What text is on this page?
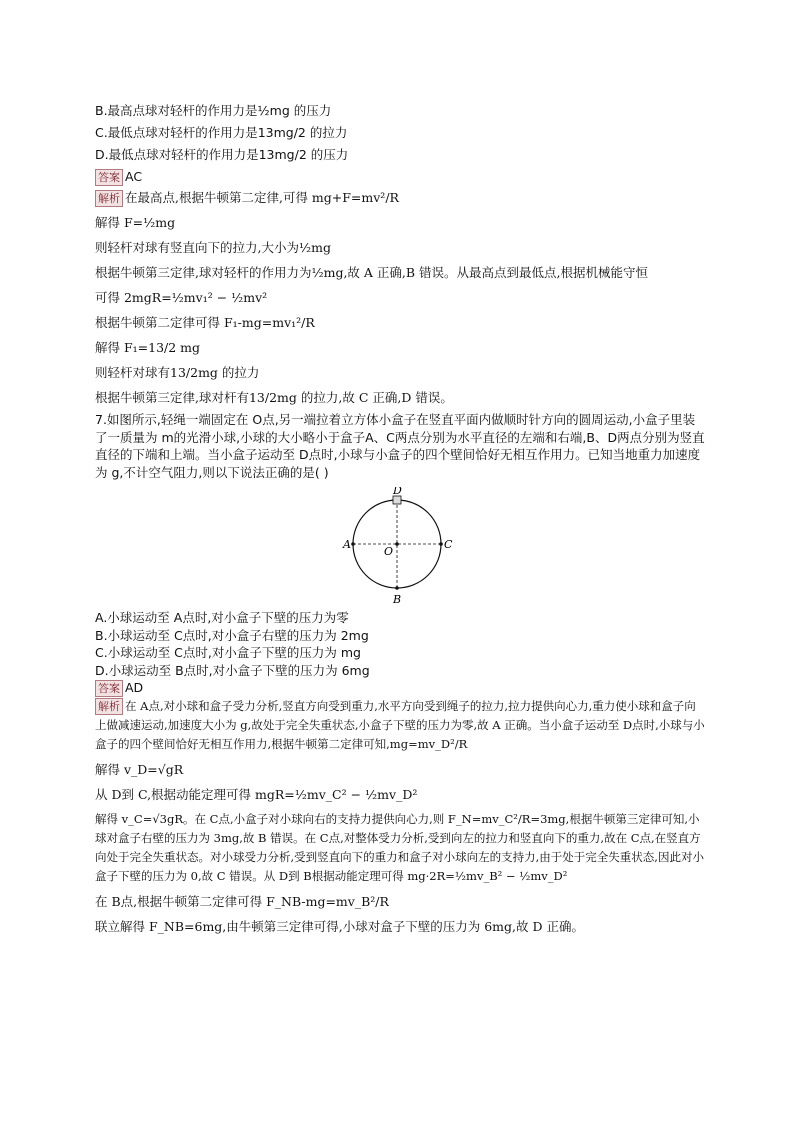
B.最高点球对轻杆的作用力是½mg 的压力
C.最低点球对轻杆的作用力是13mg/2 的拉力
D.最低点球对轻杆的作用力是13mg/2 的压力
答案 AC
解析 在最高点,根据牛顿第二定律,可得 mg+F=mv²/R
解得 F=½mg
则轻杆对球有竖直向下的拉力,大小为½mg
根据牛顿第三定律,球对轻杆的作用力为½mg,故 A 正确,B 错误。从最高点到最低点,根据机械能守恒
可得 2mgR=½mv₁² − ½mv²
根据牛顿第二定律可得 F₁-mg=mv₁²/R
解得 F₁=13/2 mg
则轻杆对球有13/2mg 的拉力
根据牛顿第三定律,球对杆有13/2mg 的拉力,故 C 正确,D 错误。
7.如图所示,轻绳一端固定在 O点,另一端拉着立方体小盒子在竖直平面内做顺时针方向的圆周运动,小盒子里装了一质量为 m的光滑小球,小球的大小略小于盒子A、C两点分别为水平直径的左端和右端,B、D两点分别为竖直直径的下端和上端。当小盒子运动至 D点时,小球与小盒子的四个壁间恰好无相互作用力。已知当地重力加速度为 g,不计空气阻力,则以下说法正确的是( )
A	C
D
B
O
A.小球运动至 A点时,对小盒子下壁的压力为零
B.小球运动至 C点时,对小盒子右壁的压力为 2mg
C.小球运动至 C点时,对小盒子下壁的压力为 mg
D.小球运动至 B点时,对小盒子下壁的压力为 6mg
答案 AD
解析 在 A点,对小球和盒子受力分析,竖直方向受到重力,水平方向受到绳子的拉力,拉力提供向心力,重力使小球和盒子向上做减速运动,加速度大小为 g,故处于完全失重状态,小盒子下壁的压力为零,故 A 正确。当小盒子运动至 D点时,小球与小盒子的四个壁间恰好无相互作用力,根据牛顿第二定律可知,mg=mv_D²/R
解得 v_D=√gR
从 D到 C,根据动能定理可得 mgR=½mv_C² − ½mv_D²
解得 v_C=√3gR。在 C点,小盒子对小球向右的支持力提供向心力,则 F_N=mv_C²/R=3mg,根据牛顿第三定律可知,小球对盒子右壁的压力为 3mg,故 B 错误。在 C点,对整体受力分析,受到向左的拉力和竖直向下的重力,故在 C点,在竖直方向处于完全失重状态。对小球受力分析,受到竖直向下的重力和盒子对小球向左的支持力,由于处于完全失重状态,因此对小盒子下壁的压力为 0,故 C 错误。从 D到 B根据动能定理可得 mg·2R=½mv_B² − ½mv_D²
在 B点,根据牛顿第二定律可得 F_NB-mg=mv_B²/R
联立解得 F_NB=6mg,由牛顿第三定律可得,小球对盒子下壁的压力为 6mg,故 D 正确。
